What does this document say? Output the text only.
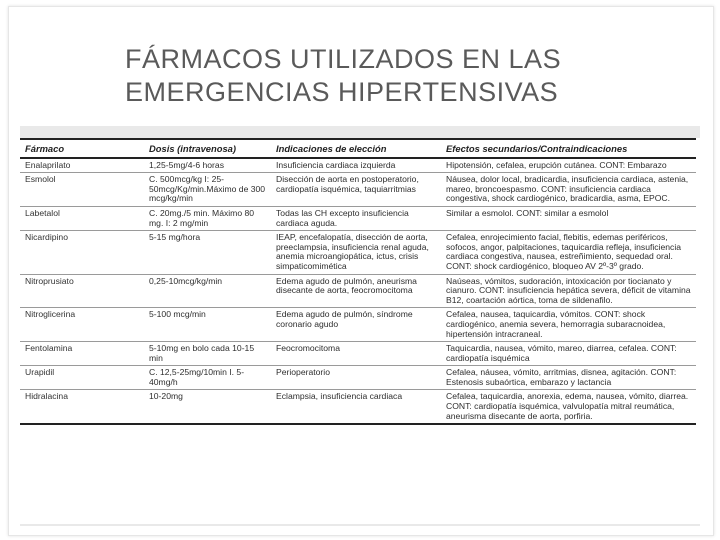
FÁRMACOS UTILIZADOS EN LAS
EMERGENCIAS HIPERTENSIVAS
Fármaco	Dosis (intravenosa)	Indicaciones de elección	Efectos secundarios/Contraindicaciones
Enalaprilato	1,25-5mg/4-6 horas	Insuficiencia cardiaca izquierda	Hipotensión, cefalea, erupción cutánea. CONT: Embarazo
Esmolol	C. 500mcg/kg I: 25-50mcg/Kg/min.Máximo de 300 mcg/kg/min	Disección de aorta en postoperatorio, cardiopatía isquémica, taquiarritmias	Náusea, dolor local, bradicardia, insuficiencia cardiaca, astenia, mareo, broncoespasmo. CONT: insuficiencia cardiaca congestiva, shock cardiogénico, bradicardia, asma, EPOC.
Labetalol	C. 20mg./5 min. Máximo 80 mg. I: 2 mg/min	Todas las CH excepto insuficiencia cardiaca aguda.	Similar a esmolol. CONT: similar a esmolol
Nicardipino	5-15 mg/hora	IEAP, encefalopatía, disección de aorta, preeclampsia, insuficiencia renal aguda, anemia microangiopática, ictus, crisis simpaticomimética	Cefalea, enrojecimiento facial, flebitis, edemas periféricos, sofocos, angor, palpitaciones, taquicardia refleja, insuficiencia cardiaca congestiva, nausea, estreñimiento, sequedad oral. CONT: shock cardiogénico, bloqueo AV 2º-3º grado.
Nitroprusiato	0,25-10mcg/kg/min	Edema agudo de pulmón, aneurisma disecante de aorta, feocromocitoma	Naúseas, vómitos, sudoración, intoxicación por tiocianato y cianuro. CONT: insuficiencia hepática severa, déficit de vitamina B12, coartación aórtica, toma de sildenafilo.
Nitroglicerina	5-100 mcg/min	Edema agudo de pulmón, síndrome coronario agudo	Cefalea, nausea, taquicardia, vómitos. CONT: shock cardiogénico, anemia severa, hemorragia subaracnoidea, hipertensión intracraneal.
Fentolamina	5-10mg en bolo cada 10-15 min	Feocromocitoma	Taquicardia, nausea, vómito, mareo, diarrea, cefalea. CONT: cardiopatía isquémica
Urapidil	C. 12,5-25mg/10min I. 5-40mg/h	Perioperatorio	Cefalea, náusea, vómito, arritmias, disnea, agitación. CONT: Estenosis subaórtica, embarazo y lactancia
Hidralacina	10-20mg	Eclampsia, insuficiencia cardiaca	Cefalea, taquicardia, anorexia, edema, nausea, vómito, diarrea. CONT: cardiopatía isquémica, valvulopatía mitral reumática, aneurisma disecante de aorta, porfiria.
